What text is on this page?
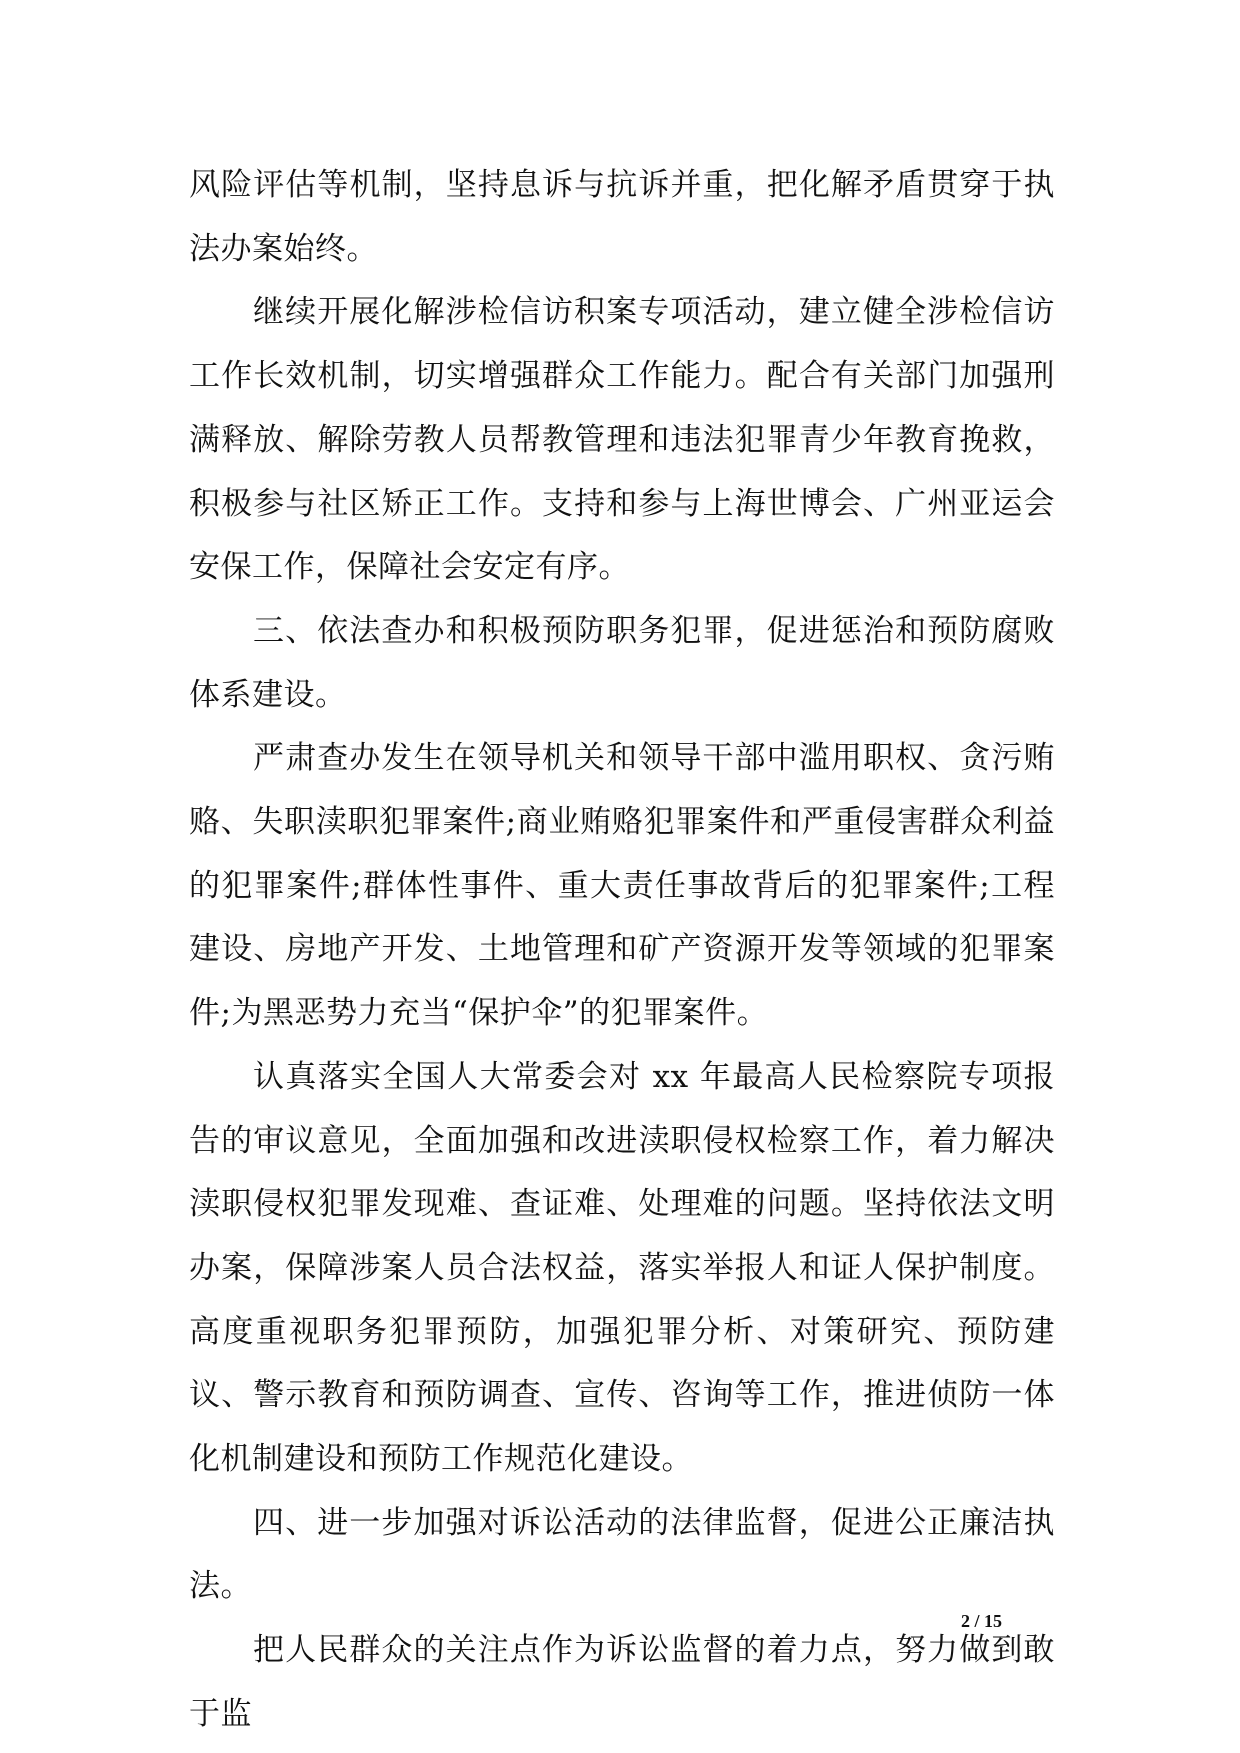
风险评估等机制，坚持息诉与抗诉并重，把化解矛盾贯穿于执法办案始终。

继续开展化解涉检信访积案专项活动，建立健全涉检信访工作长效机制，切实增强群众工作能力。配合有关部门加强刑满释放、解除劳教人员帮教管理和违法犯罪青少年教育挽救，积极参与社区矫正工作。支持和参与上海世博会、广州亚运会安保工作，保障社会安定有序。

三、依法查办和积极预防职务犯罪，促进惩治和预防腐败体系建设。

严肃查办发生在领导机关和领导干部中滥用职权、贪污贿赂、失职渎职犯罪案件;商业贿赂犯罪案件和严重侵害群众利益的犯罪案件;群体性事件、重大责任事故背后的犯罪案件;工程建设、房地产开发、土地管理和矿产资源开发等领域的犯罪案件;为黑恶势力充当“保护伞”的犯罪案件。

认真落实全国人大常委会对 xx 年最高人民检察院专项报告的审议意见，全面加强和改进渎职侵权检察工作，着力解决渎职侵权犯罪发现难、查证难、处理难的问题。坚持依法文明办案，保障涉案人员合法权益，落实举报人和证人保护制度。高度重视职务犯罪预防，加强犯罪分析、对策研究、预防建议、警示教育和预防调查、宣传、咨询等工作，推进侦防一体化机制建设和预防工作规范化建设。

四、进一步加强对诉讼活动的法律监督，促进公正廉洁执法。

把人民群众的关注点作为诉讼监督的着力点，努力做到敢于监

2 / 15
